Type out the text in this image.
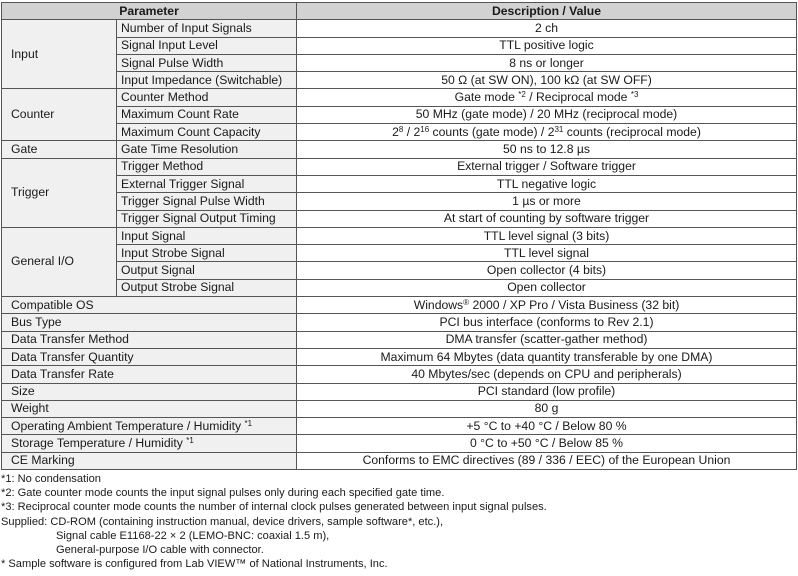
Parameter		Description / Value
Input	Number of Input Signals	2 ch
	Signal Input Level	TTL positive logic
	Signal Pulse Width	8 ns or longer
	Input Impedance (Switchable)	50 Ω (at SW ON), 100 kΩ (at SW OFF)
Counter	Counter Method	Gate mode $^{*2}$ / Reciprocal mode $^{*3}$
	Maximum Count Rate	50 MHz (gate mode) / 20 MHz (reciprocal mode)
	Maximum Count Capacity	$2^8 / 2^{16}$ counts (gate mode) / $2^{31}$ counts (reciprocal mode)
Gate	Gate Time Resolution	50 ns to 12.8 µs
Trigger	Trigger Method	External trigger / Software trigger
	External Trigger Signal	TTL negative logic
	Trigger Signal Pulse Width	1 µs or more
	Trigger Signal Output Timing	At start of counting by software trigger
General I/O	Input Signal	TTL level signal (3 bits)
	Input Strobe Signal	TTL level signal
	Output Signal	Open collector (4 bits)
	Output Strobe Signal	Open collector
Compatible OS		Windows® 2000 / XP Pro / Vista Business (32 bit)
Bus Type		PCI bus interface (conforms to Rev 2.1)
Data Transfer Method		DMA transfer (scatter-gather method)
Data Transfer Quantity		Maximum 64 Mbytes (data quantity transferable by one DMA)
Data Transfer Rate		40 Mbytes/sec (depends on CPU and peripherals)
Size		PCI standard (low profile)
Weight		80 g
Operating Ambient Temperature / Humidity $^{*1}$		+5 °C to +40 °C / Below 80 %
Storage Temperature / Humidity $^{*1}$		0 °C to +50 °C / Below 85 %
CE Marking		Conforms to EMC directives (89 / 336 / EEC) of the European Union
*1: No condensation
*2: Gate counter mode counts the input signal pulses only during each specified gate time.
*3: Reciprocal counter mode counts the number of internal clock pulses generated between input signal pulses.
Supplied: CD-ROM (containing instruction manual, device drivers, sample software*, etc.),
Signal cable E1168-22 × 2 (LEMO-BNC: coaxial 1.5 m),
General-purpose I/O cable with connector.
* Sample software is configured from Lab VIEW™ of National Instruments, Inc.
